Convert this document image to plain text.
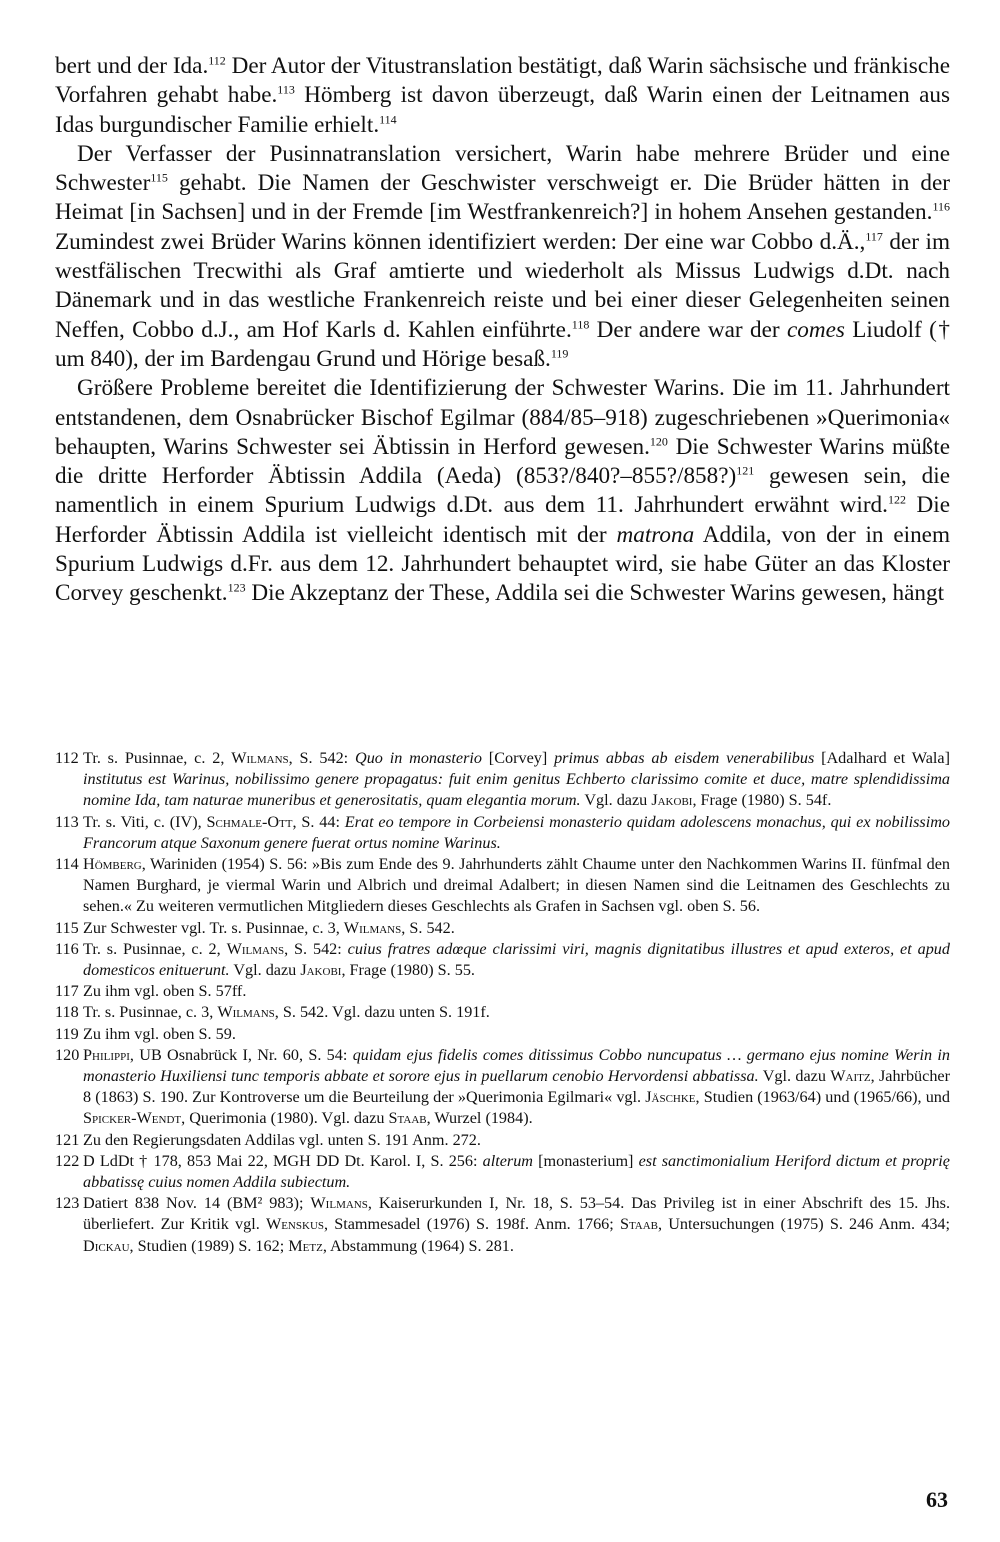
bert und der Ida.$^{112}$ Der Autor der Vitustranslation bestätigt, daß Warin sächsische und fränkische Vorfahren gehabt habe.$^{113}$ Hömberg ist davon überzeugt, daß Warin einen der Leitnamen aus Idas burgundischer Familie erhielt.$^{114}$

Der Verfasser der Pusinnatranslation versichert, Warin habe mehrere Brüder und eine Schwester$^{115}$ gehabt. Die Namen der Geschwister verschweigt er. Die Brüder hätten in der Heimat [in Sachsen] und in der Fremde [im Westfrankenreich?] in hohem Ansehen gestanden.$^{116}$ Zumindest zwei Brüder Warins können identifiziert werden: Der eine war Cobbo d.Ä.,$^{117}$ der im westfälischen Trecwithi als Graf amtierte und wiederholt als Missus Ludwigs d.Dt. nach Dänemark und in das westliche Frankenreich reiste und bei einer dieser Gelegenheiten seinen Neffen, Cobbo d.J., am Hof Karls d. Kahlen einführte.$^{118}$ Der andere war der comes Liudolf († um 840), der im Bardengau Grund und Hörige besaß.$^{119}$

Größere Probleme bereitet die Identifizierung der Schwester Warins. Die im 11. Jahrhundert entstandenen, dem Osnabrücker Bischof Egilmar (884/85–918) zugeschriebenen »Querimonia« behaupten, Warins Schwester sei Äbtissin in Herford gewesen.$^{120}$ Die Schwester Warins müßte die dritte Herforder Äbtissin Addila (Aeda) (853?/840?–855?/858?)$^{121}$ gewesen sein, die namentlich in einem Spurium Ludwigs d.Dt. aus dem 11. Jahrhundert erwähnt wird.$^{122}$ Die Herforder Äbtissin Addila ist vielleicht identisch mit der matrona Addila, von der in einem Spurium Ludwigs d.Fr. aus dem 12. Jahrhundert behauptet wird, sie habe Güter an das Kloster Corvey geschenkt.$^{123}$ Die Akzeptanz der These, Addila sei die Schwester Warins gewesen, hängt

112 Tr. s. Pusinnae, c. 2, Wilmans, S. 542: Quo in monasterio [Corvey] primus abbas ab eisdem venerabilibus [Adalhard et Wala] institutus est Warinus, nobilissimo genere propagatus: fuit enim genitus Echberto clarissimo comite et duce, matre splendidissima nomine Ida, tam naturae muneribus et generositatis, quam elegantia morum. Vgl. dazu Jakobi, Frage (1980) S. 54f.

113 Tr. s. Viti, c. (IV), Schmale-Ott, S. 44: Erat eo tempore in Corbeiensi monasterio quidam adolescens monachus, qui ex nobilissimo Francorum atque Saxonum genere fuerat ortus nomine Warinus.

114 Hömberg, Wariniden (1954) S. 56: »Bis zum Ende des 9. Jahrhunderts zählt Chaume unter den Nachkommen Warins II. fünfmal den Namen Burghard, je viermal Warin und Albrich und dreimal Adalbert; in diesen Namen sind die Leitnamen des Geschlechts zu sehen.« Zu weiteren vermutlichen Mitgliedern dieses Geschlechts als Grafen in Sachsen vgl. oben S. 56.

115 Zur Schwester vgl. Tr. s. Pusinnae, c. 3, Wilmans, S. 542.

116 Tr. s. Pusinnae, c. 2, Wilmans, S. 542: cuius fratres adœque clarissimi viri, magnis dignitatibus illustres et apud exteros, et apud domesticos enituerunt. Vgl. dazu Jakobi, Frage (1980) S. 55.

117 Zu ihm vgl. oben S. 57ff.

118 Tr. s. Pusinnae, c. 3, Wilmans, S. 542. Vgl. dazu unten S. 191f.

119 Zu ihm vgl. oben S. 59.

120 Philippi, UB Osnabrück I, Nr. 60, S. 54: quidam ejus fidelis comes ditissimus Cobbo nuncupatus … germano ejus nomine Werin in monasterio Huxiliensi tunc temporis abbate et sorore ejus in puellarum cenobio Hervordensi abbatissa. Vgl. dazu Waitz, Jahrbücher 8 (1863) S. 190. Zur Kontroverse um die Beurteilung der »Querimonia Egilmari« vgl. Jäschke, Studien (1963/64) und (1965/66), und Spicker-Wendt, Querimonia (1980). Vgl. dazu Staab, Wurzel (1984).

121 Zu den Regierungsdaten Addilas vgl. unten S. 191 Anm. 272.

122 D LdDt † 178, 853 Mai 22, MGH DD Dt. Karol. I, S. 256: alterum [monasterium] est sanctimonialium Heriford dictum et proprię abbatissę cuius nomen Addila subiectum.

123 Datiert 838 Nov. 14 (BM² 983); Wilmans, Kaiserurkunden I, Nr. 18, S. 53–54. Das Privileg ist in einer Abschrift des 15. Jhs. überliefert. Zur Kritik vgl. Wenskus, Stammesadel (1976) S. 198f. Anm. 1766; Staab, Untersuchungen (1975) S. 246 Anm. 434; Dickau, Studien (1989) S. 162; Metz, Abstammung (1964) S. 281.

63
